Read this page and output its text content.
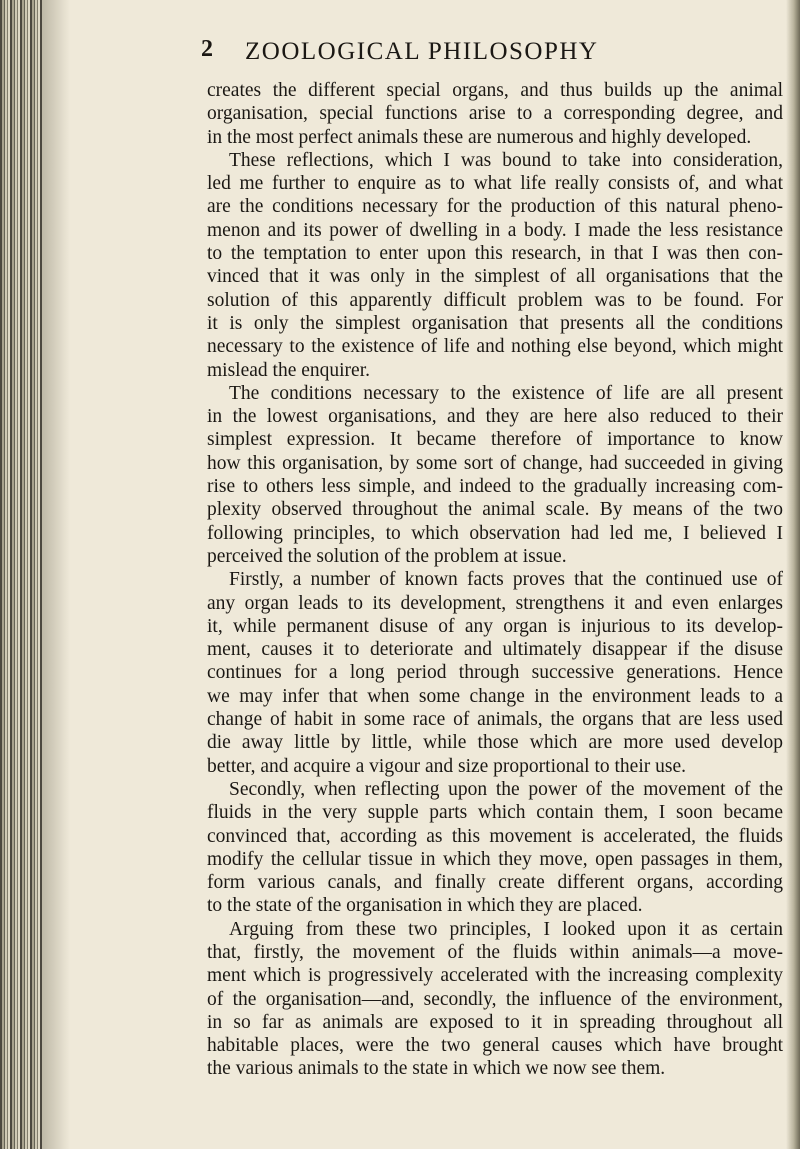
2 ZOOLOGICAL PHILOSOPHY
creates the different special organs, and thus builds up the animal
organisation, special functions arise to a corresponding degree, and
in the most perfect animals these are numerous and highly developed.
These reflections, which I was bound to take into consideration,
led me further to enquire as to what life really consists of, and what
are the conditions necessary for the production of this natural pheno-
menon and its power of dwelling in a body. I made the less resistance
to the temptation to enter upon this research, in that I was then con-
vinced that it was only in the simplest of all organisations that the
solution of this apparently difficult problem was to be found. For
it is only the simplest organisation that presents all the conditions
necessary to the existence of life and nothing else beyond, which might
mislead the enquirer.
The conditions necessary to the existence of life are all present
in the lowest organisations, and they are here also reduced to their
simplest expression. It became therefore of importance to know
how this organisation, by some sort of change, had succeeded in giving
rise to others less simple, and indeed to the gradually increasing com-
plexity observed throughout the animal scale. By means of the two
following principles, to which observation had led me, I believed I
perceived the solution of the problem at issue.
Firstly, a number of known facts proves that the continued use of
any organ leads to its development, strengthens it and even enlarges
it, while permanent disuse of any organ is injurious to its develop-
ment, causes it to deteriorate and ultimately disappear if the disuse
continues for a long period through successive generations. Hence
we may infer that when some change in the environment leads to a
change of habit in some race of animals, the organs that are less used
die away little by little, while those which are more used develop
better, and acquire a vigour and size proportional to their use.
Secondly, when reflecting upon the power of the movement of the
fluids in the very supple parts which contain them, I soon became
convinced that, according as this movement is accelerated, the fluids
modify the cellular tissue in which they move, open passages in them,
form various canals, and finally create different organs, according
to the state of the organisation in which they are placed.
Arguing from these two principles, I looked upon it as certain
that, firstly, the movement of the fluids within animals—a move-
ment which is progressively accelerated with the increasing complexity
of the organisation—and, secondly, the influence of the environment,
in so far as animals are exposed to it in spreading throughout all
habitable places, were the two general causes which have brought
the various animals to the state in which we now see them.
